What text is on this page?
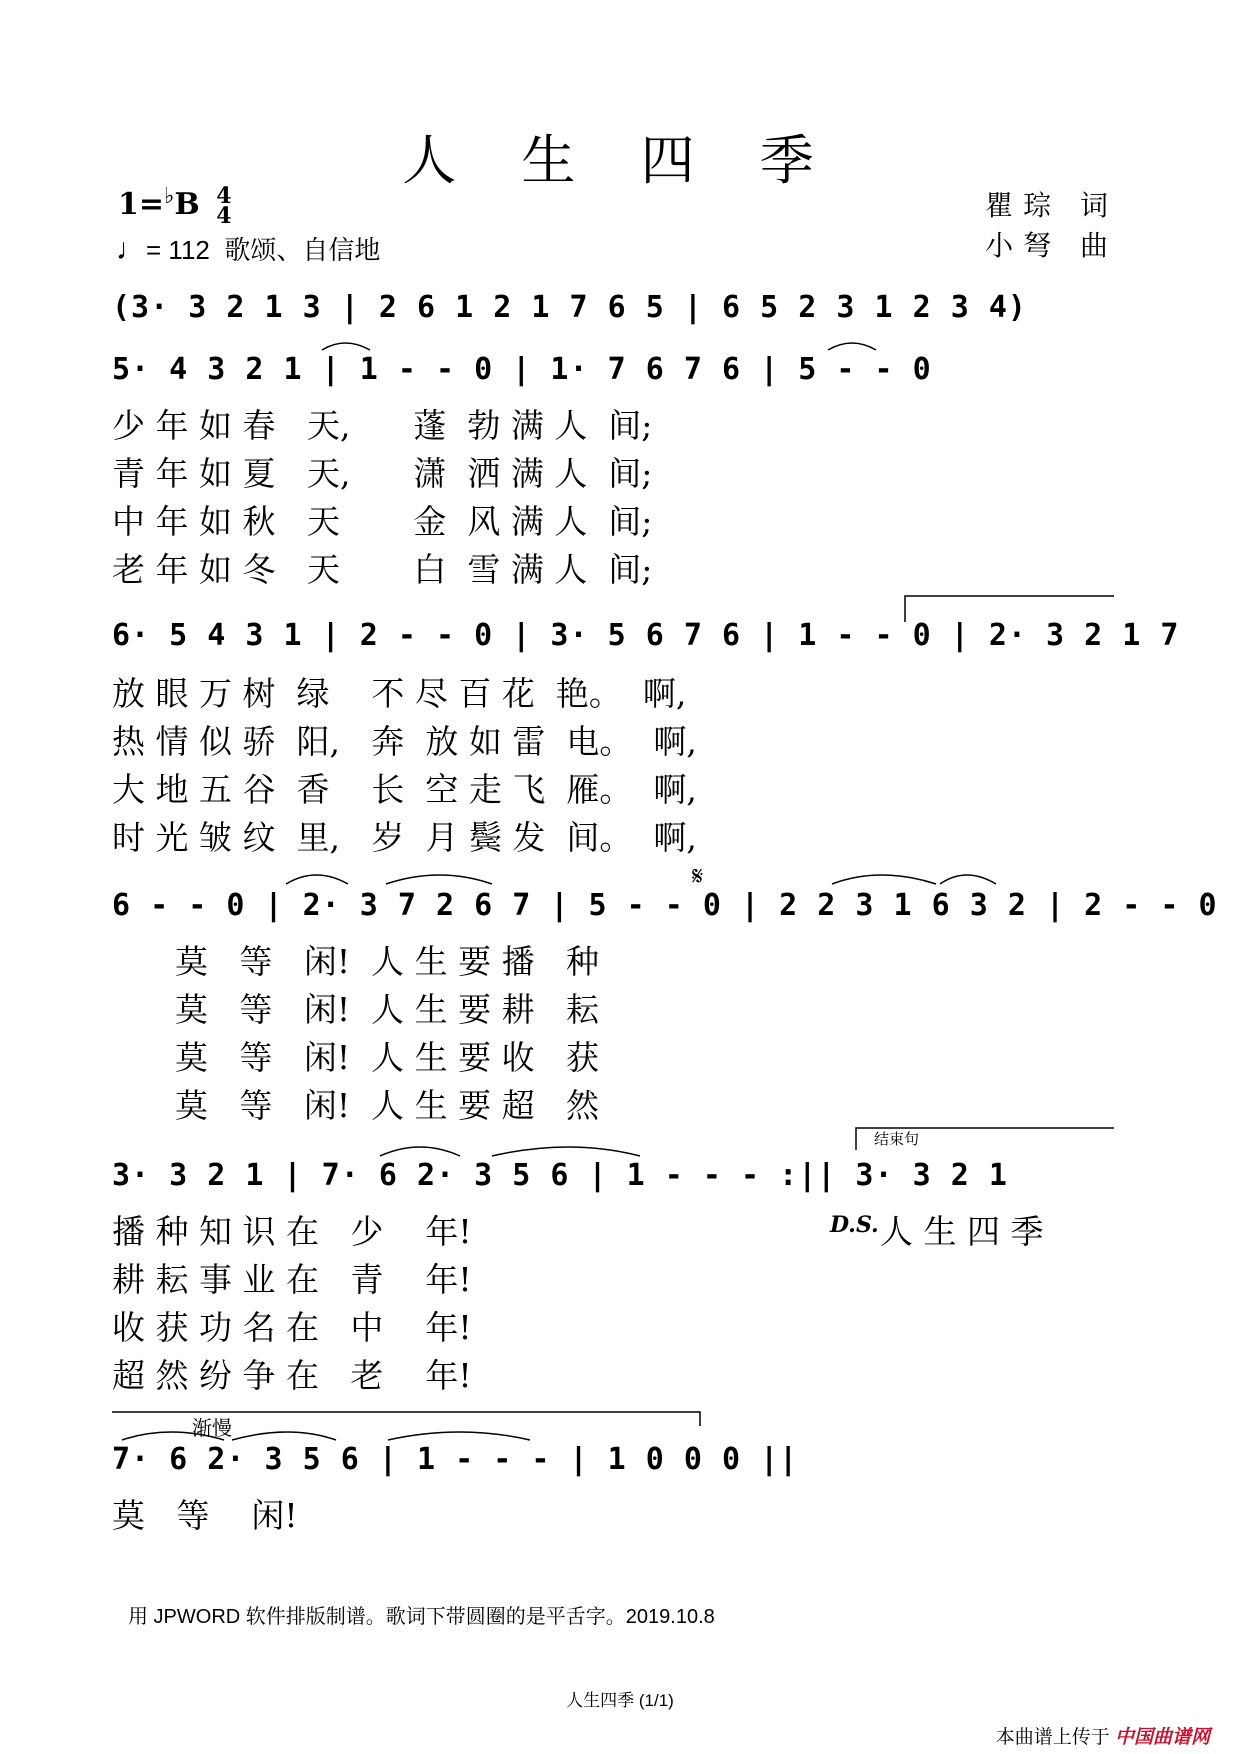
人 生 四 季
1=♭B 4
4
♩= 112 歌颂、自信地
瞿琮 词
小弩 曲
(3· 3 2 1 3 | 2 6 1 2 1 7 6 5 | 6 5 2 3 1 2 3 4)
5· 4 3 2 1 | 1 - - 0 | 1· 7 6 7 6 | 5 - - 0
少 年 如 春   天,      蓬  勃 满 人  间;
青 年 如 夏   天,      潇  洒 满 人  间;
中 年 如 秋   天       金  风 满 人  间;
老 年 如 冬   天       白  雪 满 人  间;
6· 5 4 3 1 | 2 - - 0 | 3· 5 6 7 6 | 1 - - 0 | 2· 3 2 1 7
放 眼 万 树  绿    不 尽 百 花  艳。  啊,
热 情 似 骄  阳,   奔  放 如 雷  电。  啊,
大 地 五 谷  香    长  空 走 飞  雁。  啊,
时 光 皱 纹  里,   岁  月 鬓 发  间。  啊,
𝄋
6 - - 0 | 2· 3 7 2 6 7 | 5 - - 0 | 2 2 3 1 6 3 2 | 2 - - 0
莫   等   闲!  人 生 要 播   种
莫   等   闲!  人 生 要 耕   耘
莫   等   闲!  人 生 要 收   获
莫   等   闲!  人 生 要 超   然
结束句
3· 3 2 1 | 7· 6 2· 3 5 6 | 1 - - - :|| 3· 3 2 1
播 种 知 识 在   少    年!	D.S. 人 生 四 季
耕 耘 事 业 在   青    年!
收 获 功 名 在   中    年!
超 然 纷 争 在   老    年!
渐慢
7· 6 2· 3 5 6 | 1 - - - | 1 0 0 0 ||
莫   等    闲!
用 JPWORD 软件排版制谱。歌词下带圆圈的是平舌字。2019.10.8
人生四季 (1/1)
本曲谱上传于 中国曲谱网
